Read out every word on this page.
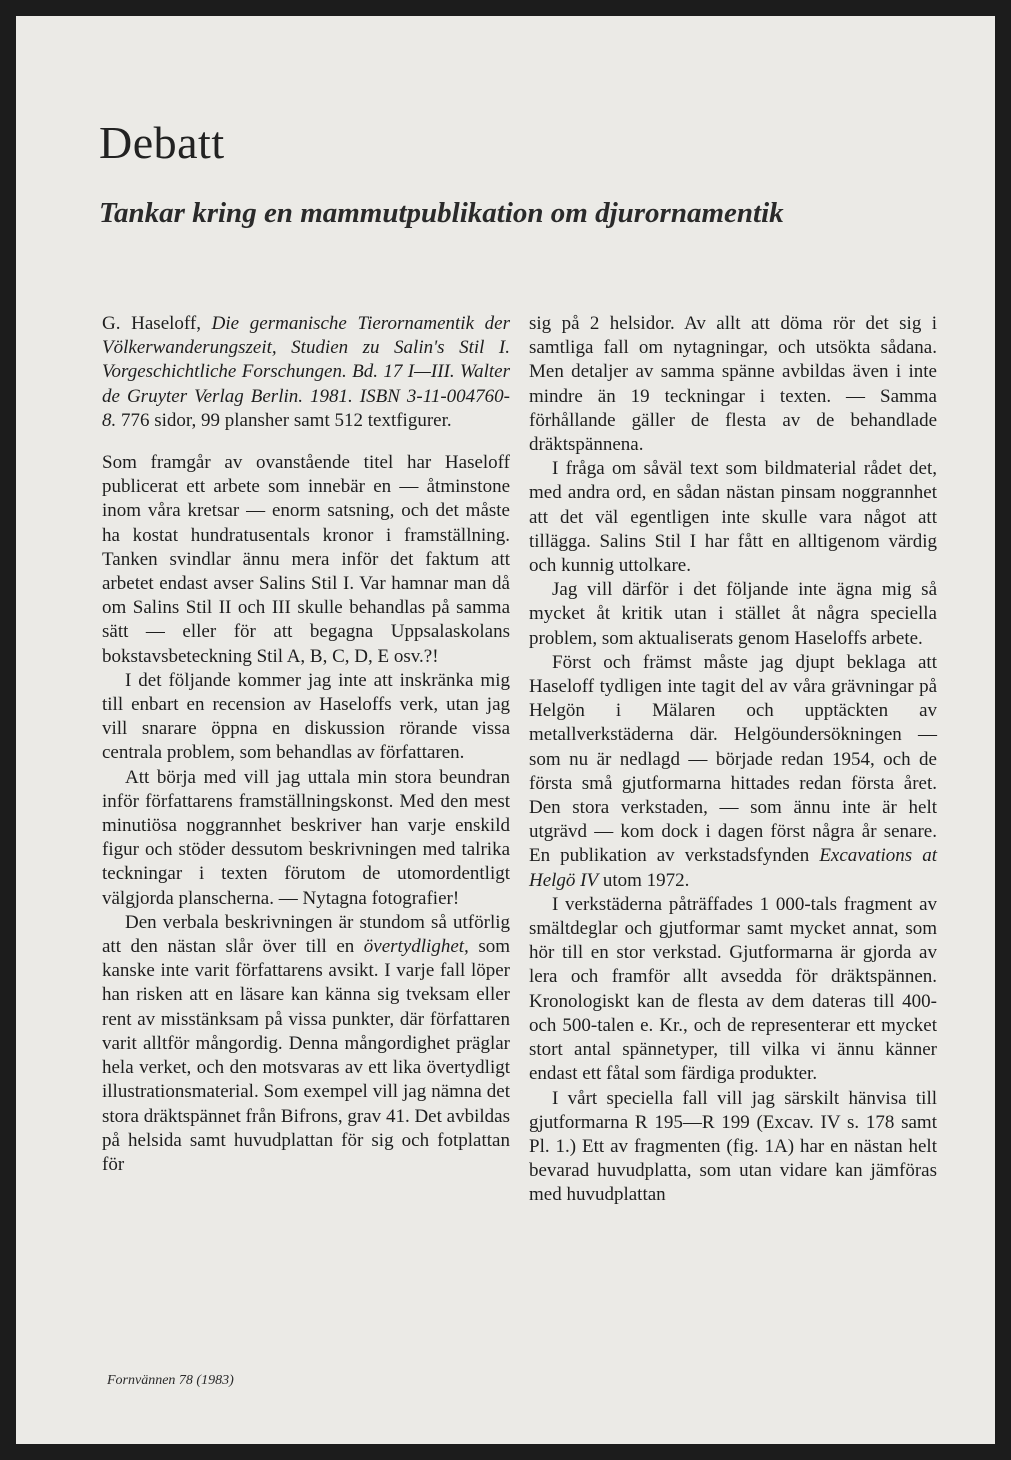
Debatt
Tankar kring en mammutpublikation om djurornamentik

G. Haseloff, Die germanische Tierornamentik der Völkerwanderungszeit, Studien zu Salin's Stil I. Vorgeschichtliche Forschungen. Bd. 17 I—III. Walter de Gruyter Verlag Berlin. 1981. ISBN 3-11-004760-8. 776 sidor, 99 plansher samt 512 textfigurer.

Som framgår av ovanstående titel har Haseloff publicerat ett arbete som innebär en — åtminstone inom våra kretsar — enorm satsning, och det måste ha kostat hundratusentals kronor i framställning. Tanken svindlar ännu mera inför det faktum att arbetet endast avser Salins Stil I. Var hamnar man då om Salins Stil II och III skulle behandlas på samma sätt — eller för att begagna Uppsalaskolans bokstavsbeteckning Stil A, B, C, D, E osv.?!

I det följande kommer jag inte att inskränka mig till enbart en recension av Haseloffs verk, utan jag vill snarare öppna en diskussion rörande vissa centrala problem, som behandlas av författaren.

Att börja med vill jag uttala min stora beundran inför författarens framställningskonst. Med den mest minutiösa noggrannhet beskriver han varje enskild figur och stöder dessutom beskrivningen med talrika teckningar i texten förutom de utomordentligt välgjorda planscherna. — Nytagna fotografier!

Den verbala beskrivningen är stundom så utförlig att den nästan slår över till en övertydlighet, som kanske inte varit författarens avsikt. I varje fall löper han risken att en läsare kan känna sig tveksam eller rent av misstänksam på vissa punkter, där författaren varit alltför mångordig. Denna mångordighet präglar hela verket, och den motsvaras av ett lika övertydligt illustrationsmaterial. Som exempel vill jag nämna det stora dräktspännet från Bifrons, grav 41. Det avbildas på helsida samt huvudplattan för sig och fotplattan för

sig på 2 helsidor. Av allt att döma rör det sig i samtliga fall om nytagningar, och utsökta sådana. Men detaljer av samma spänne avbildas även i inte mindre än 19 teckningar i texten. — Samma förhållande gäller de flesta av de behandlade dräktspännena.

I fråga om såväl text som bildmaterial rådet det, med andra ord, en sådan nästan pinsam noggrannhet att det väl egentligen inte skulle vara något att tillägga. Salins Stil I har fått en alltigenom värdig och kunnig uttolkare.

Jag vill därför i det följande inte ägna mig så mycket åt kritik utan i stället åt några speciella problem, som aktualiserats genom Haseloffs arbete.

Först och främst måste jag djupt beklaga att Haseloff tydligen inte tagit del av våra grävningar på Helgön i Mälaren och upptäckten av metallverkstäderna där. Helgöundersökningen — som nu är nedlagd — började redan 1954, och de första små gjutformarna hittades redan första året. Den stora verkstaden, — som ännu inte är helt utgrävd — kom dock i dagen först några år senare. En publikation av verkstadsfynden Excavations at Helgö IV utom 1972.

I verkstäderna påträffades 1 000-tals fragment av smältdeglar och gjutformar samt mycket annat, som hör till en stor verkstad. Gjutformarna är gjorda av lera och framför allt avsedda för dräktspännen. Kronologiskt kan de flesta av dem dateras till 400- och 500-talen e. Kr., och de representerar ett mycket stort antal spännetyper, till vilka vi ännu känner endast ett fåtal som färdiga produkter.

I vårt speciella fall vill jag särskilt hänvisa till gjutformarna R 195—R 199 (Excav. IV s. 178 samt Pl. 1.) Ett av fragmenten (fig. 1A) har en nästan helt bevarad huvudplatta, som utan vidare kan jämföras med huvudplattan

Fornvännen 78 (1983)
